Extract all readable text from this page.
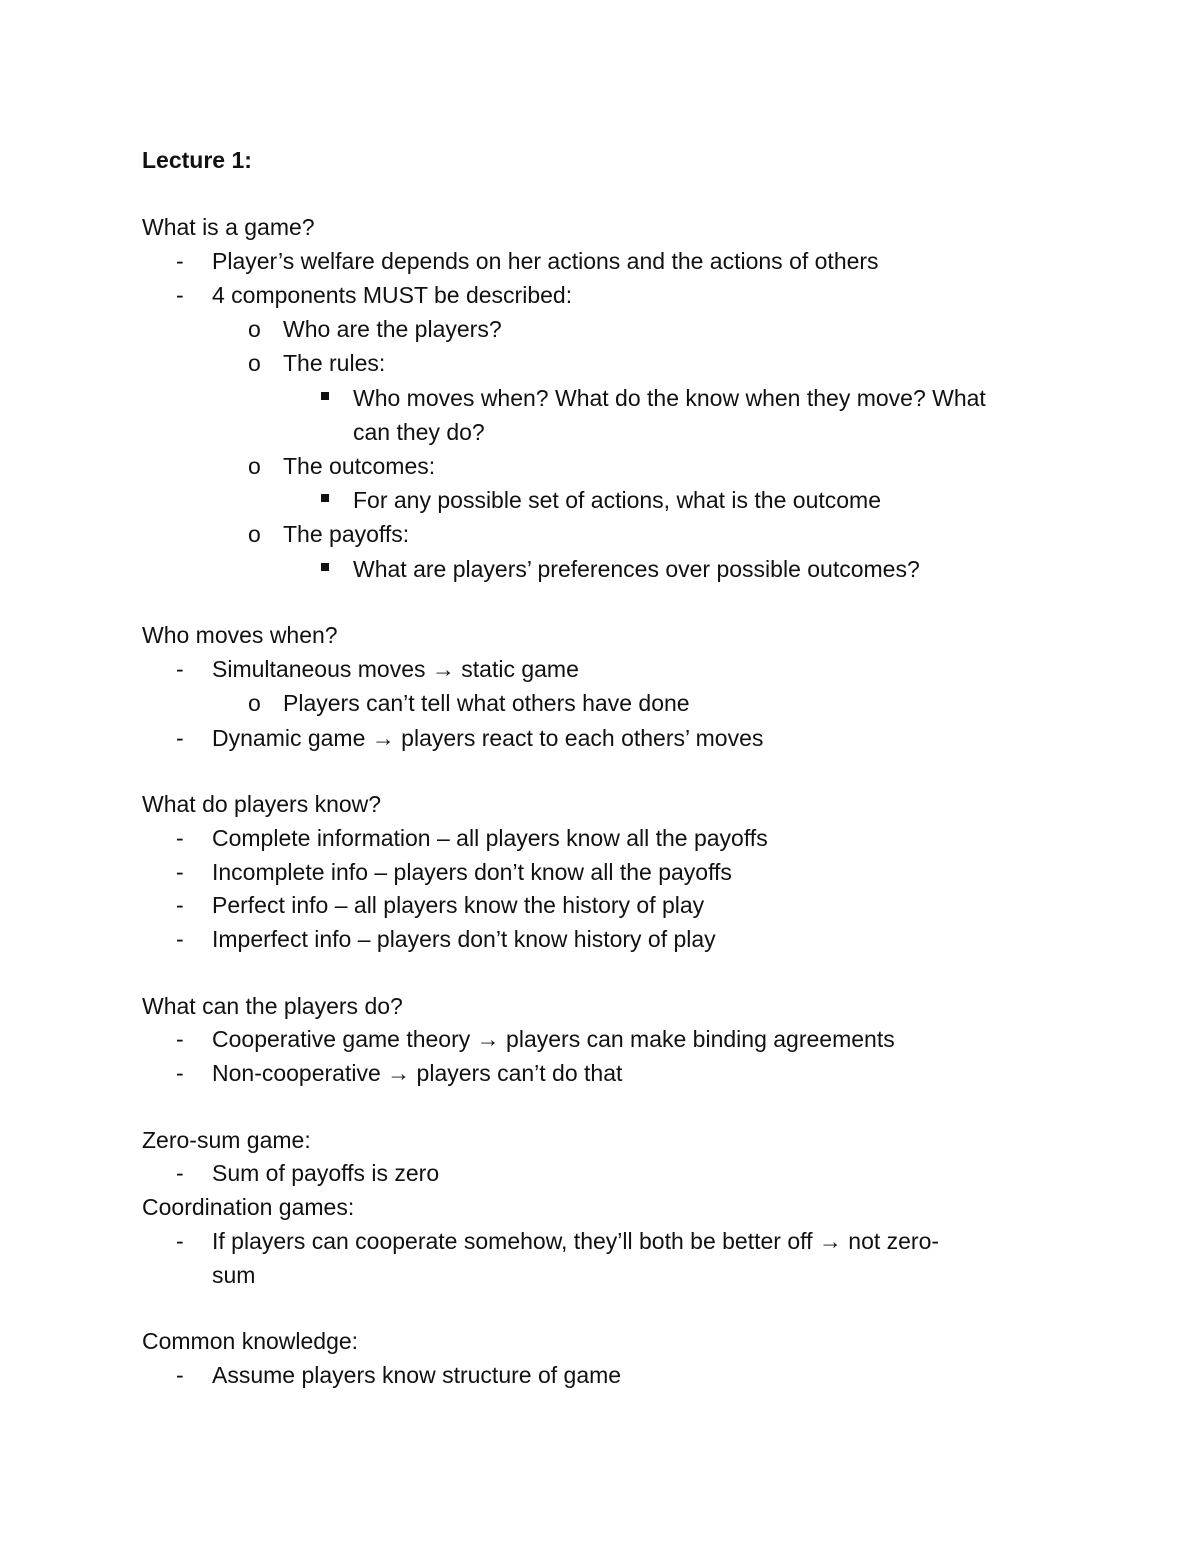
Lecture 1:
What is a game?
- Player’s welfare depends on her actions and the actions of others
- 4 components MUST be described:
o Who are the players?
o The rules:
Who moves when? What do the know when they move? What
can they do?
o The outcomes:
For any possible set of actions, what is the outcome
o The payoffs:
What are players’ preferences over possible outcomes?
Who moves when?
- Simultaneous moves → static game
o Players can’t tell what others have done
- Dynamic game → players react to each others’ moves
What do players know?
- Complete information – all players know all the payoffs
- Incomplete info – players don’t know all the payoffs
- Perfect info – all players know the history of play
- Imperfect info – players don’t know history of play
What can the players do?
- Cooperative game theory → players can make binding agreements
- Non-cooperative → players can’t do that
Zero-sum game:
- Sum of payoffs is zero
Coordination games:
- If players can cooperate somehow, they’ll both be better off → not zero-
sum
Common knowledge:
- Assume players know structure of game
